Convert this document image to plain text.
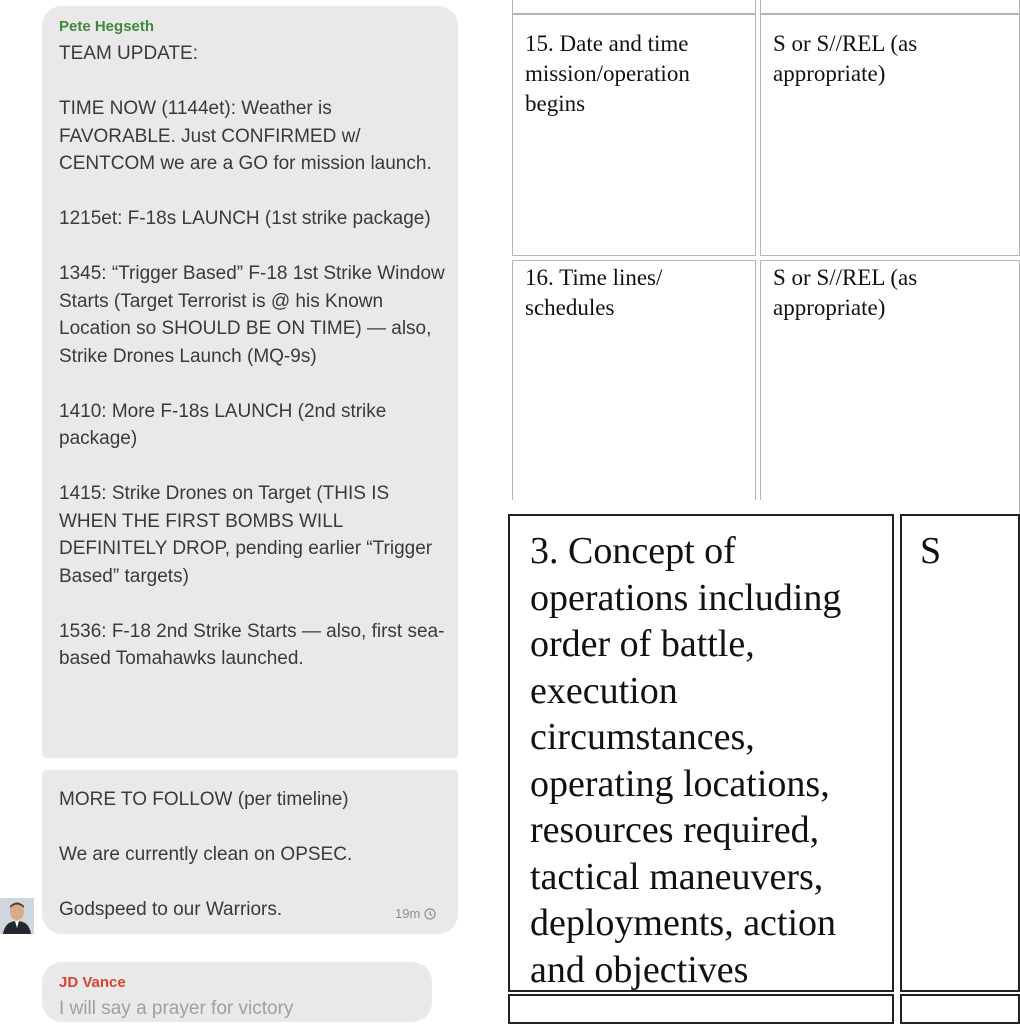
Pete Hegseth
TEAM UPDATE:

TIME NOW (1144et): Weather is FAVORABLE. Just CONFIRMED w/ CENTCOM we are a GO for mission launch.

1215et: F-18s LAUNCH (1st strike package)

1345: “Trigger Based” F-18 1st Strike Window Starts (Target Terrorist is @ his Known Location so SHOULD BE ON TIME) — also, Strike Drones Launch (MQ-9s)

1410: More F-18s LAUNCH (2nd strike package)

1415: Strike Drones on Target (THIS IS WHEN THE FIRST BOMBS WILL DEFINITELY DROP, pending earlier “Trigger Based” targets)

1536: F-18 2nd Strike Starts — also, first sea-based Tomahawks launched.
MORE TO FOLLOW (per timeline)

We are currently clean on OPSEC.

Godspeed to our Warriors.	19m
JD Vance
I will say a prayer for victory
15. Date and time
mission/operation
begins
S or S//REL (as
appropriate)
16. Time lines/
schedules
S or S//REL (as
appropriate)
3. Concept of
operations including
order of battle,
execution
circumstances,
operating locations,
resources required,
tactical maneuvers,
deployments, action
and objectives
S
